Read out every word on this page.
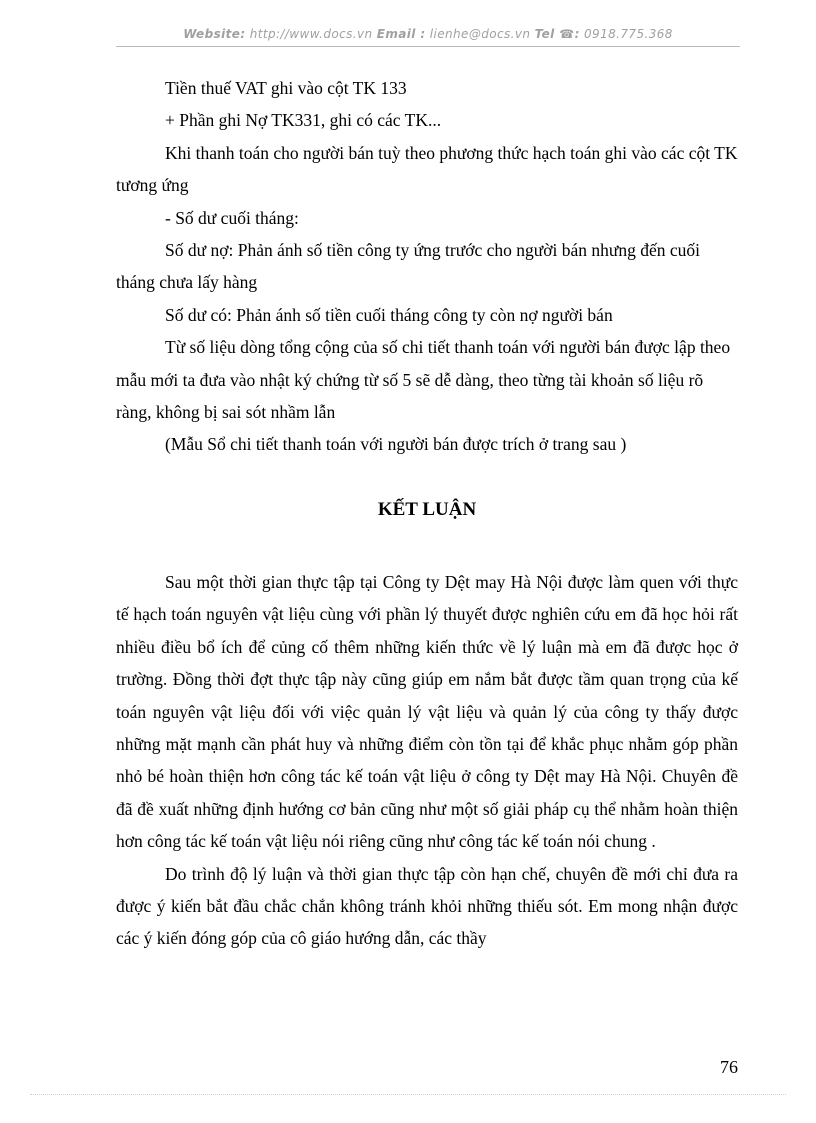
Website: http://www.docs.vn Email : lienhe@docs.vn Tel ☎: 0918.775.368

Tiền thuế VAT ghi vào cột TK 133

+ Phần ghi Nợ TK331, ghi có các TK...

Khi thanh toán cho người bán tuỳ theo phương thức hạch toán ghi vào các cột TK tương ứng

- Số dư cuối tháng:

Số dư nợ: Phản ánh số tiền công ty ứng trước cho người bán nhưng đến cuối tháng chưa lấy hàng

Số dư có: Phản ánh số tiền cuối tháng công ty còn nợ người bán

Từ số liệu dòng tổng cộng của số chi tiết thanh toán với người bán được lập theo mẫu mới ta đưa vào nhật ký chứng từ số 5 sẽ dễ dàng, theo từng tài khoản số liệu rõ ràng, không bị sai sót nhầm lẫn

(Mẫu Sổ chi tiết thanh toán với người bán được trích ở trang sau )

KẾT LUẬN

Sau một thời gian thực tập tại Công ty Dệt may Hà Nội được làm quen với thực tế hạch toán nguyên vật liệu cùng với phần lý thuyết được nghiên cứu em đã học hỏi rất nhiều điều bổ ích để củng cố thêm những kiến thức về lý luận mà em đã được học ở trường. Đồng thời đợt thực tập này cũng giúp em nắm bắt được tầm quan trọng của kế toán nguyên vật liệu đối với việc quản lý vật liệu và quản lý của công ty thấy được những mặt mạnh cần phát huy và những điểm còn tồn tại để khắc phục nhằm góp phần nhỏ bé hoàn thiện hơn công tác kế toán vật liệu ở công ty Dệt may Hà Nội. Chuyên đề đã đề xuất những định hướng cơ bản cũng như một số giải pháp cụ thể nhằm hoàn thiện hơn công tác kế toán vật liệu nói riêng cũng như công tác kế toán nói chung .

Do trình độ lý luận và thời gian thực tập còn hạn chế, chuyên đề mới chỉ đưa ra được ý kiến bắt đầu chắc chắn không tránh khỏi những thiếu sót. Em mong nhận được các ý kiến đóng góp của cô giáo hướng dẫn, các thầy

76
